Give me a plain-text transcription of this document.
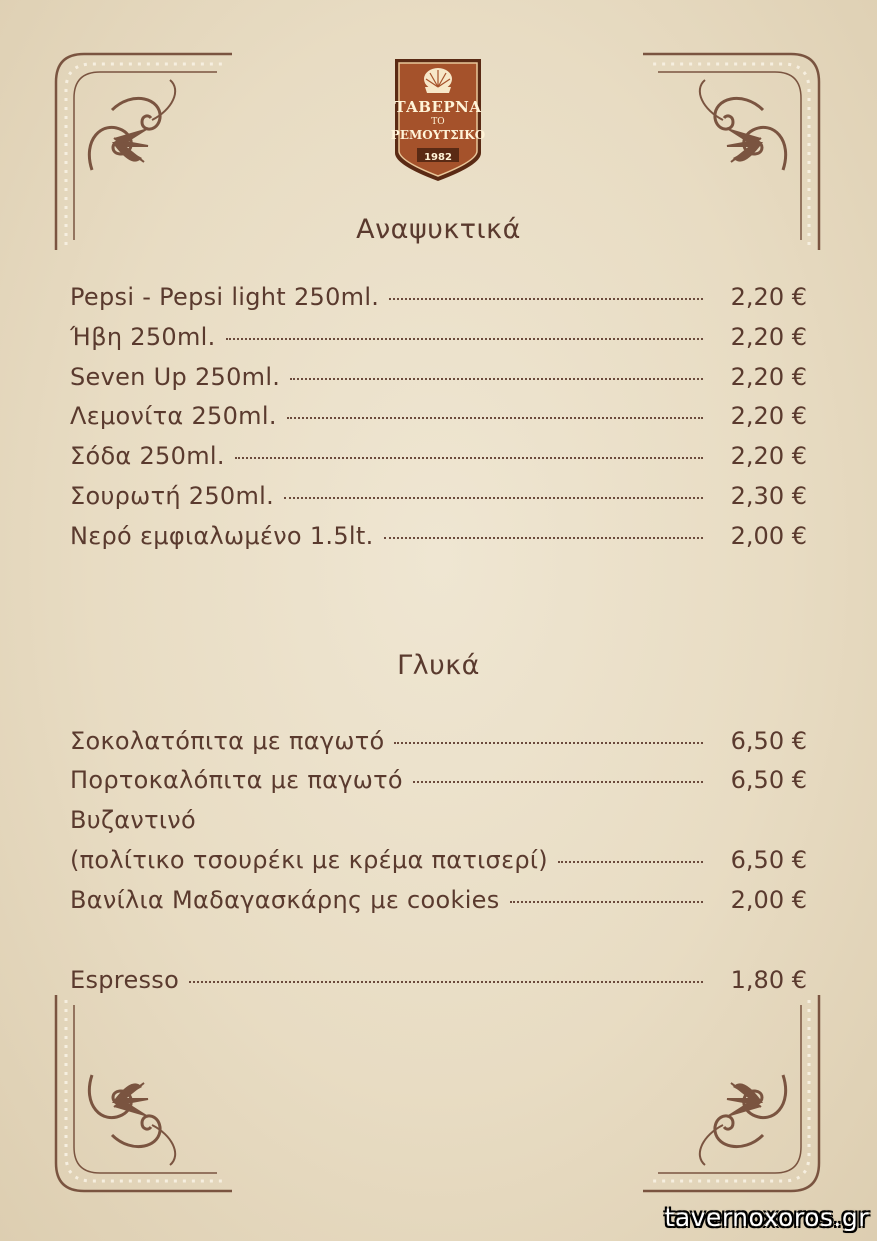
ΤΑΒΕΡΝΑ
ΤΟ
ΡΕΜΟΥΤΣΙΚΟ
1982
Αναψυκτικά
Pepsi - Pepsi light 250ml.	2,20 €
Ήβη 250ml.	2,20 €
Seven Up 250ml.	2,20 €
Λεμονίτα 250ml.	2,20 €
Σόδα 250ml.	2,20 €
Σουρωτή 250ml.	2,30 €
Νερό εμφιαλωμένο 1.5lt.	2,00 €
Γλυκά
Σοκολατόπιτα με παγωτό	6,50 €
Πορτοκαλόπιτα με παγωτό	6,50 €
Βυζαντινό
(πολίτικο τσουρέκι με κρέμα πατισερί)	6,50 €
Βανίλια Μαδαγασκάρης με cookies	2,00 €
Espresso	1,80 €
tavernoxoros.gr
